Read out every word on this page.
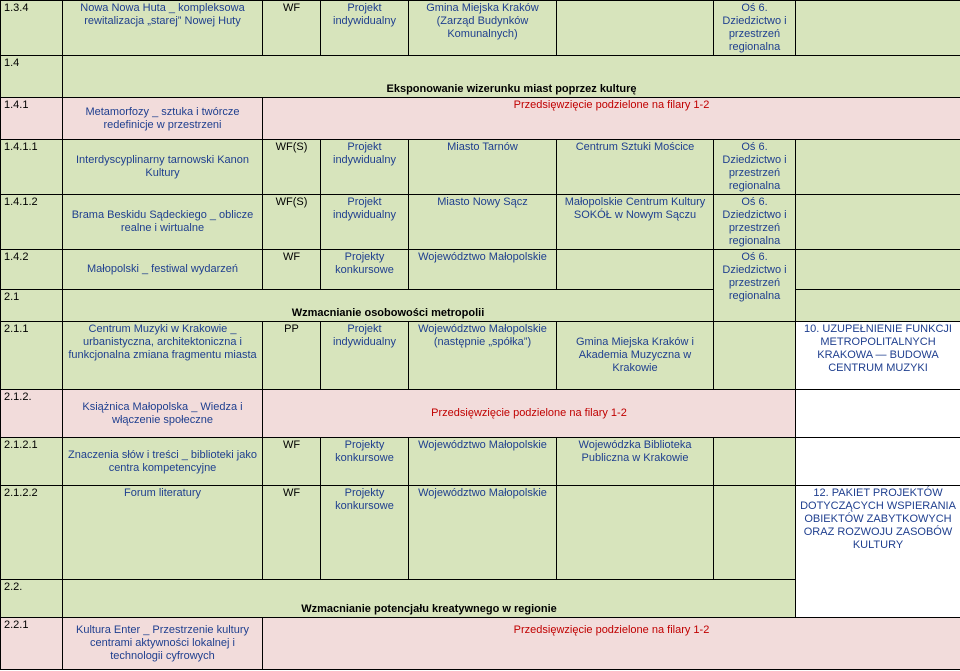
1.3.4	Nowa Nowa Huta _ kompleksowa rewitalizacja „starej” Nowej Huty	WF	Projekt indywidualny	Gmina Miejska Kraków (Zarząd Budynków Komunalnych)		Oś 6. Dziedzictwo i przestrzeń regionalna	
1.4	Eksponowanie wizerunku miast poprzez kulturę						
1.4.1	Metamorfozy _ sztuka i twórcze redefinicje w przestrzeni	Przedsięwzięcie podzielone na filary 1-2					
1.4.1.1	Interdyscyplinarny tarnowski Kanon Kultury	WF(S)	Projekt indywidualny	Miasto Tarnów	Centrum Sztuki Mościce	Oś 6. Dziedzictwo i przestrzeń regionalna	
1.4.1.2	Brama Beskidu Sądeckiego _ oblicze realne i wirtualne	WF(S)	Projekt indywidualny	Miasto Nowy Sącz	Małopolskie Centrum Kultury SOKÓŁ w Nowym Sączu	Oś 6. Dziedzictwo i przestrzeń regionalna	
1.4.2	Małopolski _ festiwal wydarzeń	WF	Projekty konkursowe	Województwo Małopolskie		Oś 6. Dziedzictwo i przestrzeń regionalna	
2.1	Wzmacnianie osobowości metropolii						
2.1.1	Centrum Muzyki w Krakowie _ urbanistyczna, architektoniczna i funkcjonalna zmiana fragmentu miasta	PP	Projekt indywidualny	Województwo Małopolskie (następnie „spółka”)	Gmina Miejska Kraków i Akademia Muzyczna w Krakowie		10. UZUPEŁNIENIE FUNKCJI METROPOLITALNYCH KRAKOWA — BUDOWA CENTRUM MUZYKI
2.1.2.	Książnica Małopolska _ Wiedza i włączenie społeczne	Przedsięwzięcie podzielone na filary 1-2					
2.1.2.1	Znaczenia słów i treści _ biblioteki jako centra kompetencyjne	WF	Projekty konkursowe	Województwo Małopolskie	Wojewódzka Biblioteka Publiczna w Krakowie		
2.1.2.2	Forum literatury	WF	Projekty konkursowe	Województwo Małopolskie			12. PAKIET PROJEKTÓW DOTYCZĄCYCH WSPIERANIA OBIEKTÓW ZABYTKOWYCH ORAZ ROZWOJU ZASOBÓW KULTURY
2.2.	Wzmacnianie potencjału kreatywnego w regionie						
2.2.1	Kultura Enter _ Przestrzenie kultury centrami aktywności lokalnej i technologii cyfrowych	Przedsięwzięcie podzielone na filary 1-2					
